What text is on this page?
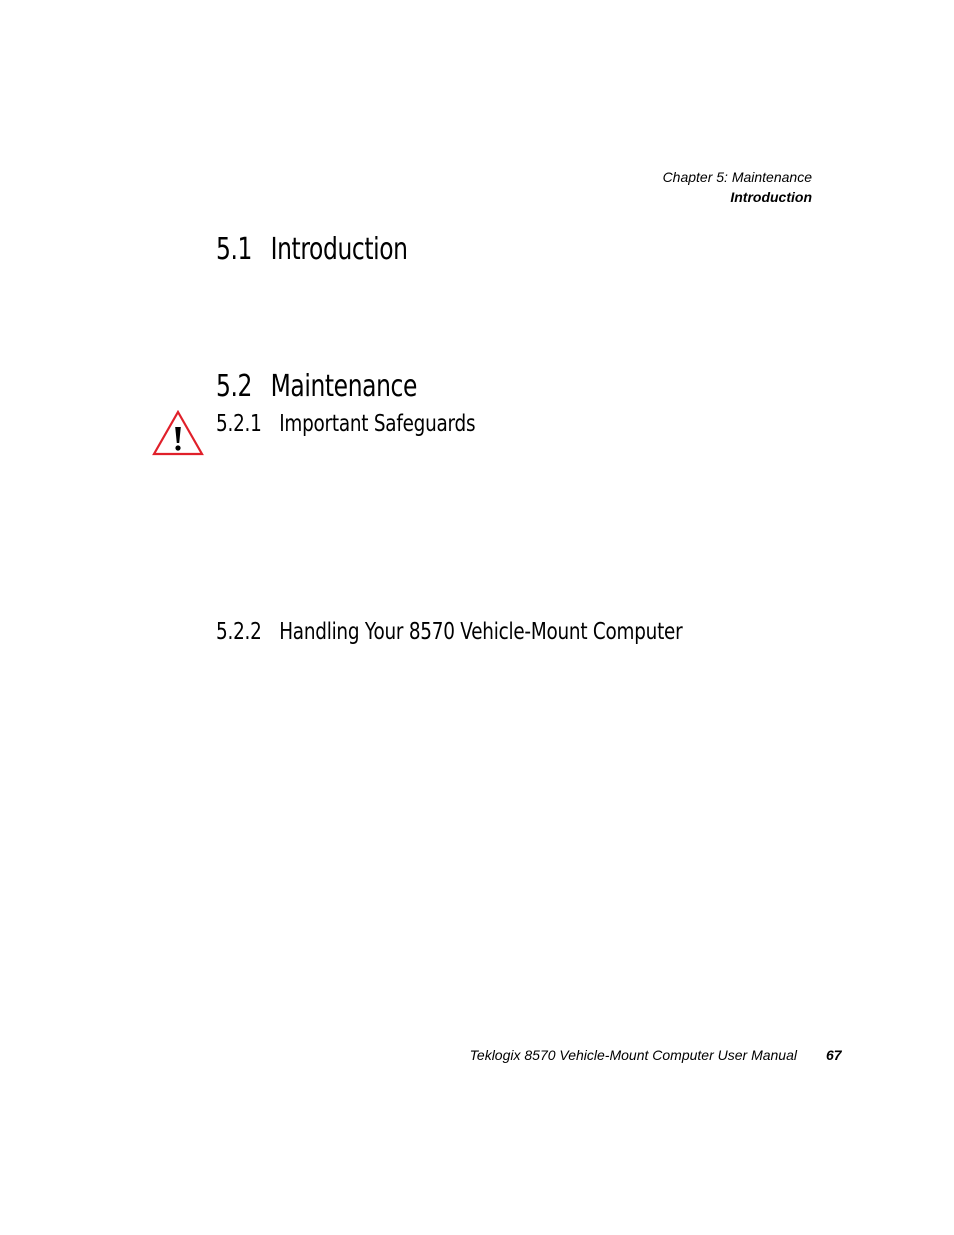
Chapter 5: Maintenance
Introduction
5.1 Introduction
5.2 Maintenance
5.2.1 Important Safeguards
5.2.2 Handling Your 8570 Vehicle-Mount Computer
Teklogix 8570 Vehicle-Mount Computer User Manual 67
